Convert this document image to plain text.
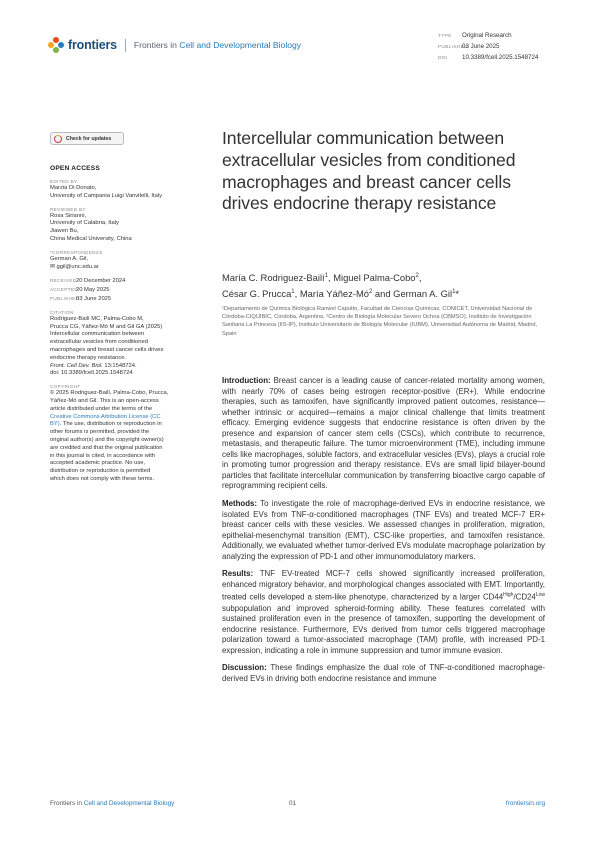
frontiers Frontiers in Cell and Developmental Biology
TYPE Original Research
PUBLISHED03 June 2025
DOI 10.3389/fcell.2025.1548724
Check for updates
OPEN ACCESS
EDITED BY
Marzia Di Donato,
University of Campania Luigi Vanvitelli, Italy
REVIEWED BY
Rosa Sirianni,
University of Calabria, Italy
Jiawen Bu,
China Medical University, China
*CORRESPONDENCE
German A. Gil,
✉ ggil@unc.edu.ar
RECEIVED20 December 2024
ACCEPTED20 May 2025
PUBLISHED03 June 2025
CITATION
Rodriguez-Bailí MC, Palma-Cobo M,
Prucca CG, Yáñez-Mó M and Gil GA (2025)
Intercellular communication between
extracellular vesicles from conditioned
macrophages and breast cancer cells drives
endocrine therapy resistance.
Front. Cell Dev. Biol. 13:1548724.
doi: 10.3389/fcell.2025.1548724
COPYRIGHT
© 2025 Rodriguez-Bailí, Palma-Cobo, Prucca,
Yáñez-Mó and Gil. This is an open-access
article distributed under the terms of the
Creative Commons Attribution License (CC
BY). The use, distribution or reproduction in
other forums is permitted, provided the
original author(s) and the copyright owner(s)
are credited and that the original publication
in this journal is cited, in accordance with
accepted academic practice. No use,
distribution or reproduction is permitted
which does not comply with these terms.
Intercellular communication between extracellular vesicles from conditioned macrophages and breast cancer cells drives endocrine therapy resistance
María C. Rodriguez-Bailí$^1$, Miguel Palma-Cobo$^2$,
César G. Prucca$^1$, María Yáñez-$Mó^2$ and German A. Gil$^1$*
¹Departamento de Química Biológica Ranwel Caputto, Facultad de Ciencias Químicas, CONICET, Universidad Nacional de Córdoba-CIQUIBIC, Córdoba, Argentina, ²Centro de Biología Molecular Severo Ochoa (CBMSO), Instituto de Investigación Sanitaria La Princesa (IIS-IP), Instituto Universitario de Biología Molecular (IUBM), Universidad Autónoma de Madrid, Madrid, Spain

Introduction: Breast cancer is a leading cause of cancer-related mortality among women, with nearly 70% of cases being estrogen receptor-positive (ER+). While endocrine therapies, such as tamoxifen, have significantly improved patient outcomes, resistance—whether intrinsic or acquired—remains a major clinical challenge that limits treatment efficacy. Emerging evidence suggests that endocrine resistance is often driven by the presence and expansion of cancer stem cells (CSCs), which contribute to recurrence, metastasis, and therapeutic failure. The tumor microenvironment (TME), including immune cells like macrophages, soluble factors, and extracellular vesicles (EVs), plays a crucial role in promoting tumor progression and therapy resistance. EVs are small lipid bilayer-bound particles that facilitate intercellular communication by transferring bioactive cargo capable of reprogramming recipient cells.

Methods: To investigate the role of macrophage-derived EVs in endocrine resistance, we isolated EVs from TNF-α-conditioned macrophages (TNF EVs) and treated MCF-7 ER+ breast cancer cells with these vesicles. We assessed changes in proliferation, migration, epithelial-mesenchymal transition (EMT), CSC-like properties, and tamoxifen resistance. Additionally, we evaluated whether tumor-derived EVs modulate macrophage polarization by analyzing the expression of PD-1 and other immunomodulatory markers.

Results: TNF EV-treated MCF-7 cells showed significantly increased proliferation, enhanced migratory behavior, and morphological changes associated with EMT. Importantly, treated cells developed a stem-like phenotype, characterized by a larger $CD44^{High}/CD24^{Low}$ subpopulation and improved spheroid-forming ability. These features correlated with sustained proliferation even in the presence of tamoxifen, supporting the development of endocrine resistance. Furthermore, EVs derived from tumor cells triggered macrophage polarization toward a tumor-associated macrophage (TAM) profile, with increased PD-1 expression, indicating a role in immune suppression and tumor immune evasion.

Discussion: These findings emphasize the dual role of TNF-α-conditioned macrophage-derived EVs in driving both endocrine resistance and immune

Frontiers in Cell and Developmental Biology	01	frontiersin.org
